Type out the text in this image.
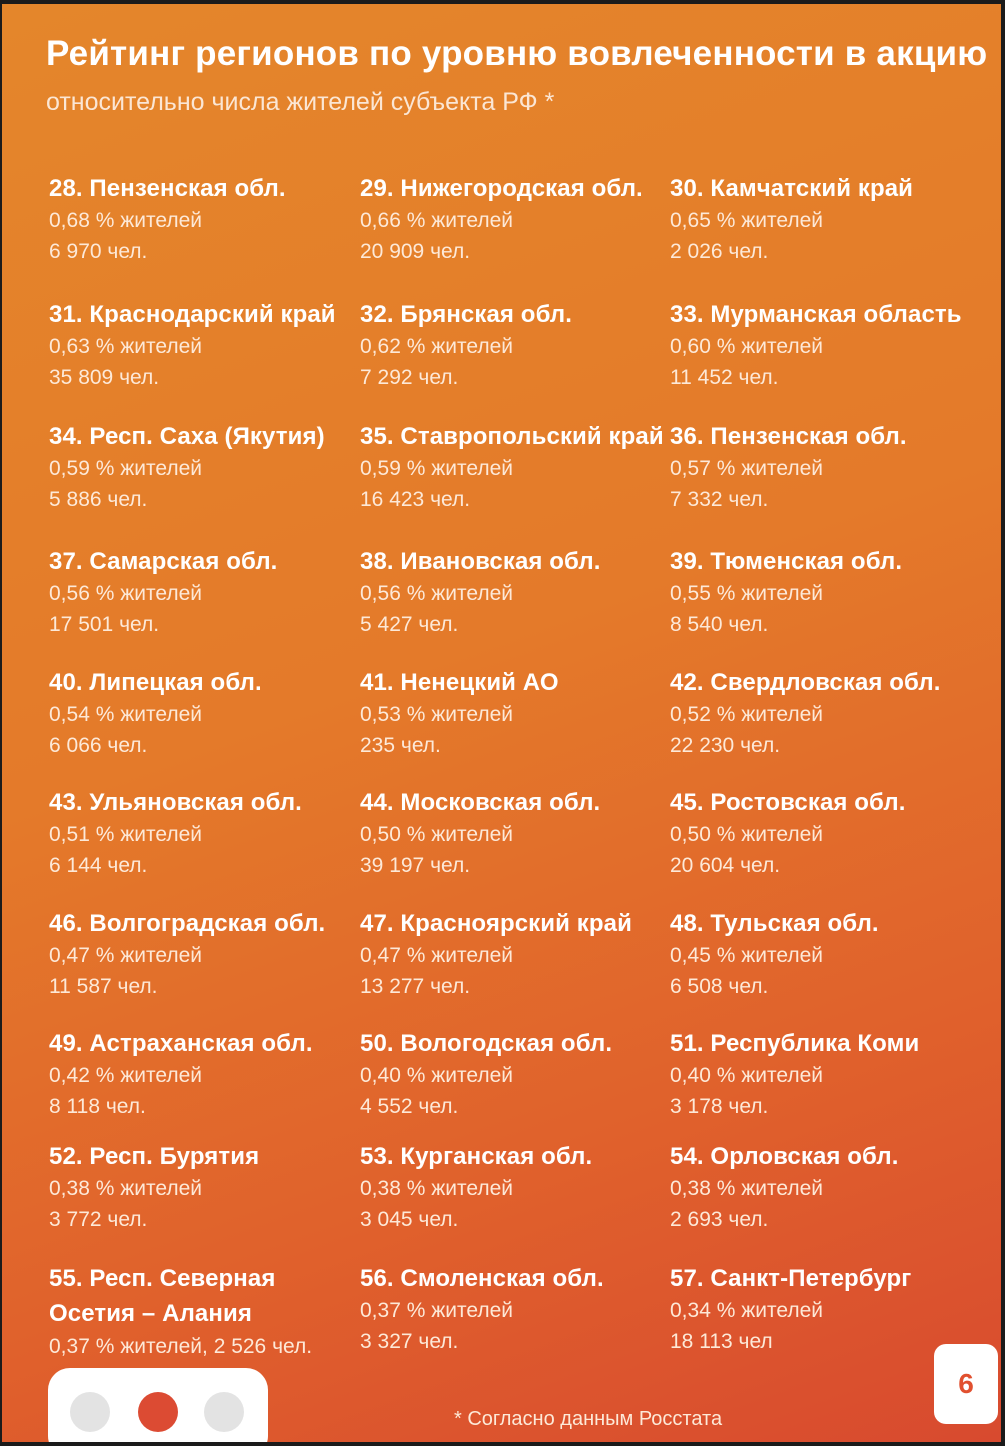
Рейтинг регионов по уровню вовлеченности в акцию
относительно числа жителей субъекта РФ *
28. Пензенская обл.
0,68 % жителей
6 970 чел.
29. Нижегородская обл.
0,66 % жителей
20 909 чел.
30. Камчатский край
0,65 % жителей
2 026 чел.
31. Краснодарский край
0,63 % жителей
35 809 чел.
32. Брянская обл.
0,62 % жителей
7 292 чел.
33. Мурманская область
0,60 % жителей
11 452 чел.
34. Респ. Саха (Якутия)
0,59 % жителей
5 886 чел.
35. Ставропольский край
0,59 % жителей
16 423 чел.
36. Пензенская обл.
0,57 % жителей
7 332 чел.
37. Самарская обл.
0,56 % жителей
17 501 чел.
38. Ивановская обл.
0,56 % жителей
5 427 чел.
39. Тюменская обл.
0,55 % жителей
8 540 чел.
40. Липецкая обл.
0,54 % жителей
6 066 чел.
41. Ненецкий АО
0,53 % жителей
235 чел.
42. Свердловская обл.
0,52 % жителей
22 230 чел.
43. Ульяновская обл.
0,51 % жителей
6 144 чел.
44. Московская обл.
0,50 % жителей
39 197 чел.
45. Ростовская обл.
0,50 % жителей
20 604 чел.
46. Волгоградская обл.
0,47 % жителей
11 587 чел.
47. Красноярский край
0,47 % жителей
13 277 чел.
48. Тульская обл.
0,45 % жителей
6 508 чел.
49. Астраханская обл.
0,42 % жителей
8 118 чел.
50. Вологодская обл.
0,40 % жителей
4 552 чел.
51. Республика Коми
0,40 % жителей
3 178 чел.
52. Респ. Бурятия
0,38 % жителей
3 772 чел.
53. Курганская обл.
0,38 % жителей
3 045 чел.
54. Орловская обл.
0,38 % жителей
2 693 чел.
55. Респ. Северная
Осетия – Алания
0,37 % жителей, 2 526 чел.
56. Смоленская обл.
0,37 % жителей
3 327 чел.
57. Санкт-Петербург
0,34 % жителей
18 113 чел
* Согласно данным Росстата
6
